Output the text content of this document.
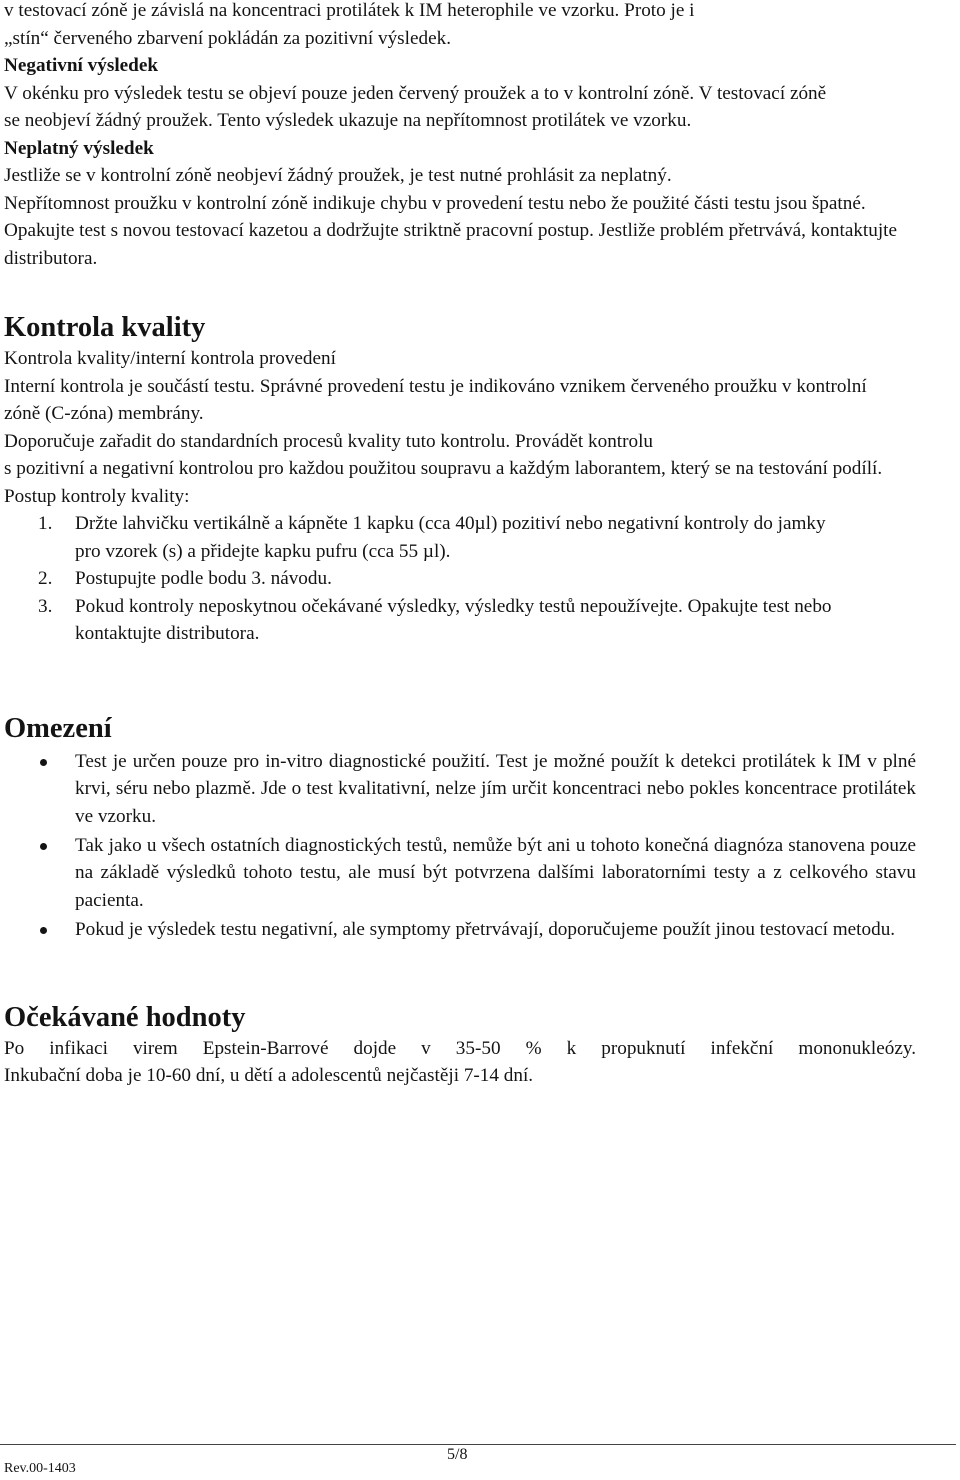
v testovací zóně je závislá na koncentraci protilátek k IM heterophile ve vzorku. Proto je i

„stín“ červeného zbarvení pokládán za pozitivní výsledek.

Negativní výsledek

V okénku pro výsledek testu se objeví pouze jeden červený proužek a to v kontrolní zóně. V testovací zóně se neobjeví žádný proužek. Tento výsledek ukazuje na nepřítomnost protilátek ve vzorku.

Neplatný výsledek

Jestliže se v kontrolní zóně neobjeví žádný proužek, je test nutné prohlásit za neplatný.

Nepřítomnost proužku v kontrolní zóně indikuje chybu v provedení testu nebo že použité části testu jsou špatné. Opakujte test s novou testovací kazetou a dodržujte striktně pracovní postup. Jestliže problém přetrvává, kontaktujte distributora.

Kontrola kvality

Kontrola kvality/interní kontrola provedení

Interní kontrola je součástí testu. Správné provedení testu je indikováno vznikem červeného proužku v kontrolní zóně (C-zóna) membrány.

Doporučuje zařadit do standardních procesů kvality tuto kontrolu. Provádět kontrolu

s pozitivní a negativní kontrolou pro každou použitou soupravu a každým laborantem, který se na testování podílí.

Postup kontroly kvality:

1. Držte lahvičku vertikálně a kápněte 1 kapku (cca 40µl) pozitiví nebo negativní kontroly do jamky pro vzorek (s) a přidejte kapku pufru (cca 55 µl).
2. Postupujte podle bodu 3. návodu.
3. Pokud kontroly neposkytnou očekávané výsledky, výsledky testů nepoužívejte. Opakujte test nebo kontaktujte distributora.
Omezení
Test je určen pouze pro in-vitro diagnostické použití. Test je možné použít k detekci protilátek k IM v plné krvi, séru nebo plazmě. Jde o test kvalitativní, nelze jím určit koncentraci nebo pokles koncentrace protilátek ve vzorku.
Tak jako u všech ostatních diagnostických testů, nemůže být ani u tohoto konečná diagnóza stanovena pouze na základě výsledků tohoto testu, ale musí být potvrzena dalšími laboratorními testy a z celkového stavu pacienta.
Pokud je výsledek testu negativní, ale symptomy přetrvávají, doporučujeme použít jinou testovací metodu.
Očekávané hodnoty

Po infikaci virem Epstein-Barrové dojde v 35-50 % k propuknutí infekční mononukleózy.

Inkubační doba je 10-60 dní, u dětí a adolescentů nejčastěji 7-14 dní.

5/8
Rev.00-1403
